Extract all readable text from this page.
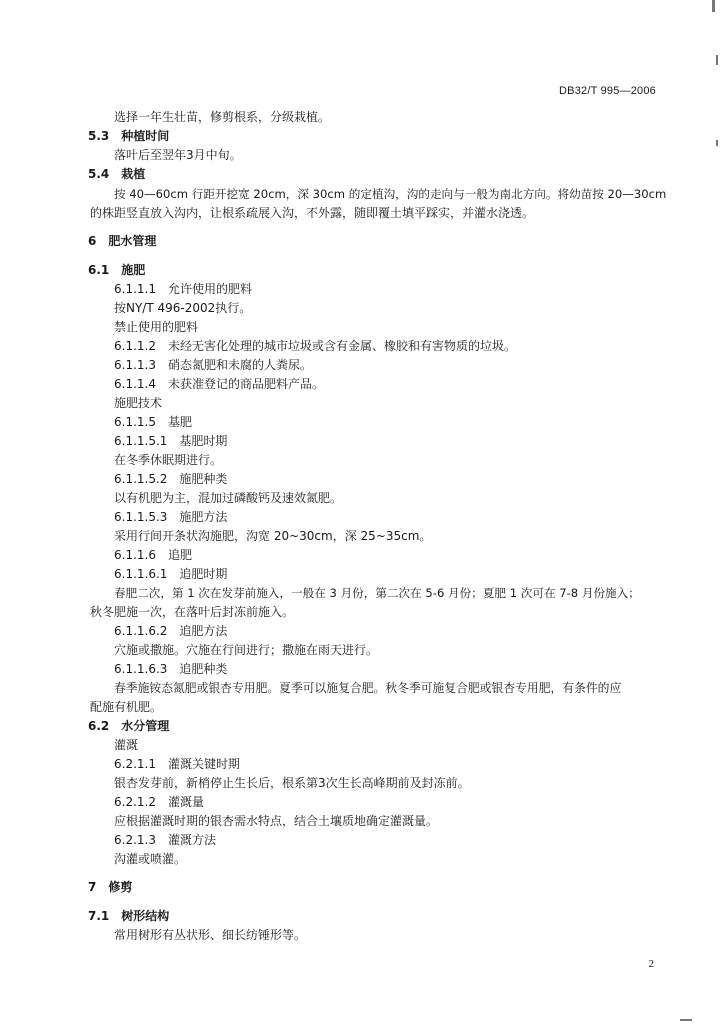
DB32/T 995—2006
选择一年生壮苗，修剪根系，分级栽植。
5.3　种植时间
落叶后至翌年3月中旬。
5.4　栽植
按 40—60cm 行距开挖宽 20cm，深 30cm 的定植沟，沟的走向与一般为南北方向。将幼苗按 20—30cm
的株距竖直放入沟内，让根系疏展入沟，不外露，随即覆土填平踩实，并灌水浇透。
6　肥水管理
6.1　施肥
6.1.1.1　允许使用的肥料
按NY/T 496-2002执行。
禁止使用的肥料
6.1.1.2　未经无害化处理的城市垃圾或含有金属、橡胶和有害物质的垃圾。
6.1.1.3　硝态氮肥和未腐的人粪尿。
6.1.1.4　未获准登记的商品肥料产品。
施肥技术
6.1.1.5　基肥
6.1.1.5.1　基肥时期
在冬季休眠期进行。
6.1.1.5.2　施肥种类
以有机肥为主，混加过磷酸钙及速效氮肥。
6.1.1.5.3　施肥方法
采用行间开条状沟施肥，沟宽 20~30cm，深 25~35cm。
6.1.1.6　追肥
6.1.1.6.1　追肥时期
春肥二次，第 1 次在发芽前施入，一般在 3 月份，第二次在 5-6 月份；夏肥 1 次可在 7-8 月份施入；
秋冬肥施一次，在落叶后封冻前施入。
6.1.1.6.2　追肥方法
穴施或撒施。穴施在行间进行；撒施在雨天进行。
6.1.1.6.3　追肥种类
春季施铵态氮肥或银杏专用肥。夏季可以施复合肥。秋冬季可施复合肥或银杏专用肥，有条件的应
配施有机肥。
6.2　水分管理
灌溉
6.2.1.1　灌溉关键时期
银杏发芽前，新梢停止生长后，根系第3次生长高峰期前及封冻前。
6.2.1.2　灌溉量
应根据灌溉时期的银杏需水特点，结合土壤质地确定灌溉量。
6.2.1.3　灌溉方法
沟灌或喷灌。
7　修剪
7.1　树形结构
常用树形有丛状形、细长纺锤形等。
2
